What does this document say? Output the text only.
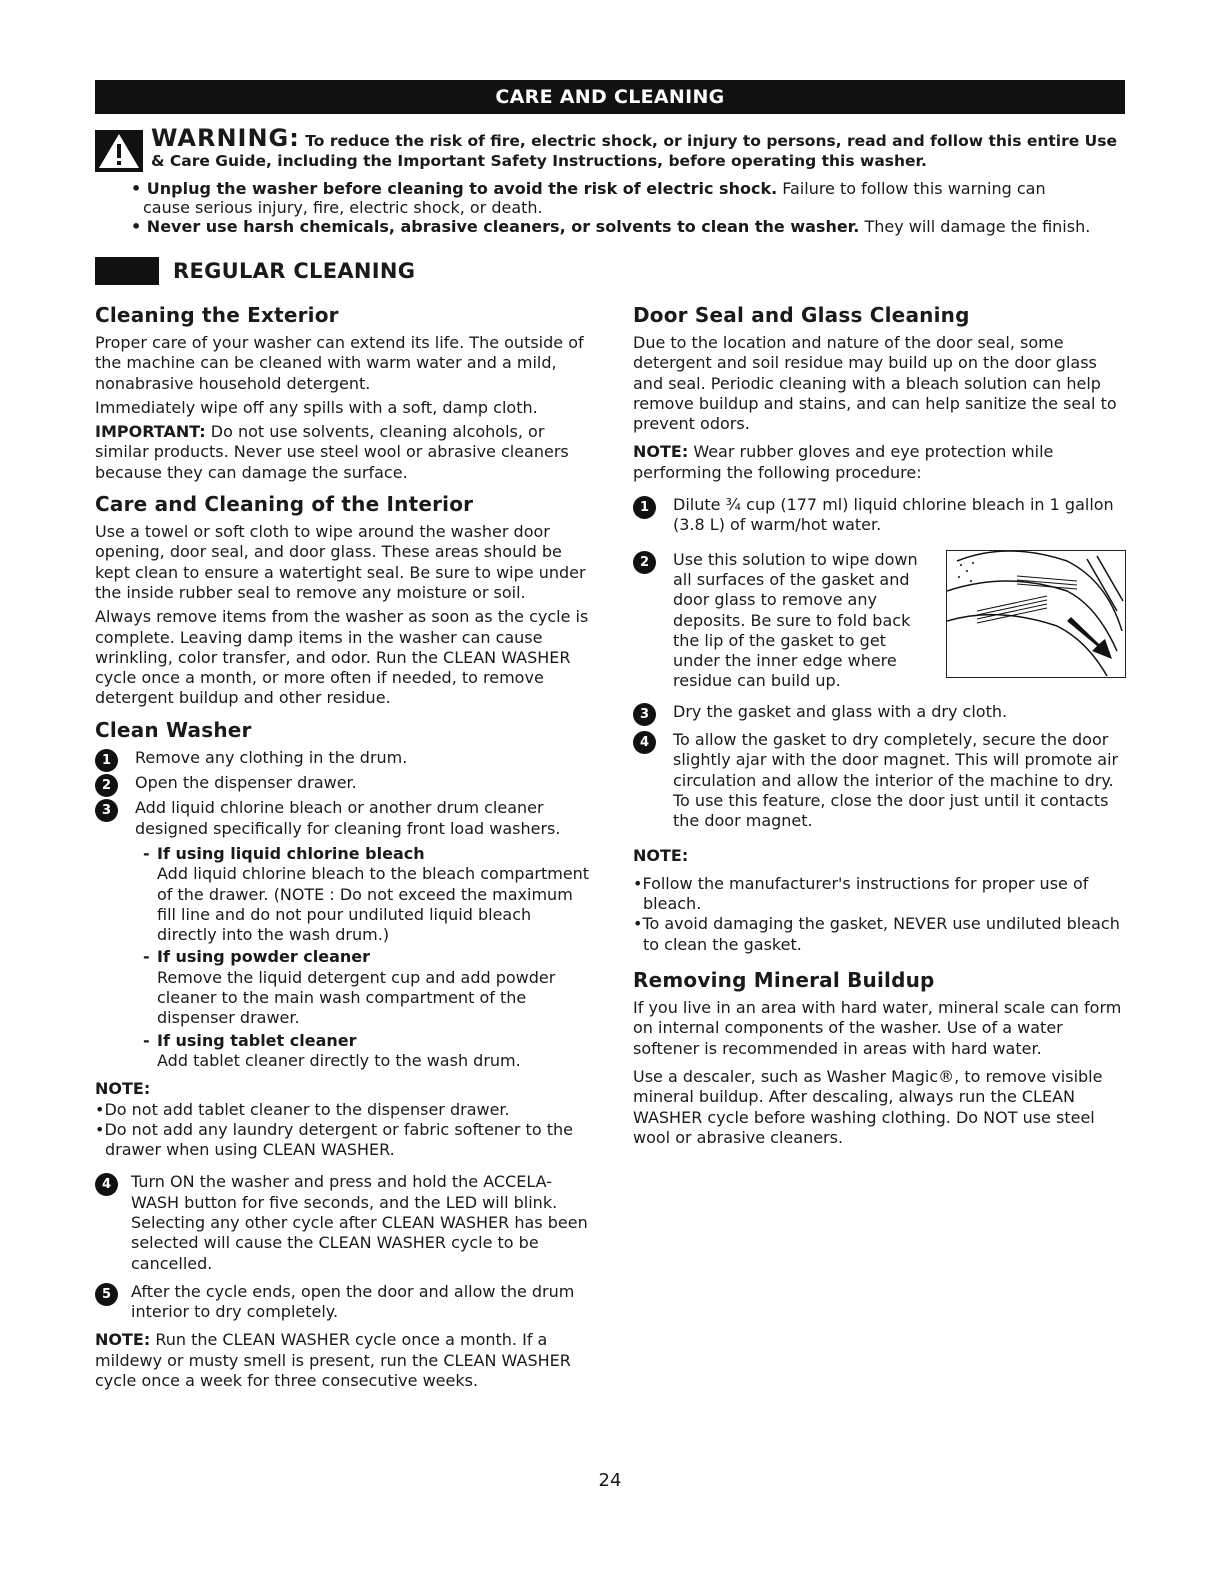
CARE AND CLEANING
WARNING: To reduce the risk of fire, electric shock, or injury to persons, read and follow this entire Use & Care Guide, including the Important Safety Instructions, before operating this washer.

• Unplug the washer before cleaning to avoid the risk of electric shock. Failure to follow this warning can

cause serious injury, fire, electric shock, or death.

• Never use harsh chemicals, abrasive cleaners, or solvents to clean the washer. They will damage the finish.

REGULAR CLEANING
Cleaning the Exterior

Proper care of your washer can extend its life. The outside of the machine can be cleaned with warm water and a mild, nonabrasive household detergent.

Immediately wipe off any spills with a soft, damp cloth.

IMPORTANT: Do not use solvents, cleaning alcohols, or similar products. Never use steel wool or abrasive cleaners because they can damage the surface.

Care and Cleaning of the Interior

Use a towel or soft cloth to wipe around the washer door opening, door seal, and door glass. These areas should be kept clean to ensure a watertight seal. Be sure to wipe under the inside rubber seal to remove any moisture or soil.

Always remove items from the washer as soon as the cycle is complete. Leaving damp items in the washer can cause wrinkling, color transfer, and odor. Run the CLEAN WASHER cycle once a month, or more often if needed, to remove detergent buildup and other residue.

Clean Washer
1	Remove any clothing in the drum.
2	Open the dispenser drawer.
3	Add liquid chlorine bleach or another drum cleaner designed specifically for cleaning front load washers.
- If using liquid chlorine bleach
Add liquid chlorine bleach to the bleach compartment of the drawer. (NOTE : Do not exceed the maximum fill line and do not pour undiluted liquid bleach directly into the wash drum.)
- If using powder cleaner
Remove the liquid detergent cup and add powder cleaner to the main wash compartment of the dispenser drawer.
- If using tablet cleaner
Add tablet cleaner directly to the wash drum.

NOTE:

•Do not add tablet cleaner to the dispenser drawer.

•Do not add any laundry detergent or fabric softener to the drawer when using CLEAN WASHER.

4	Turn ON the washer and press and hold the ACCELA-WASH button for five seconds, and the LED will blink. Selecting any other cycle after CLEAN WASHER has been selected will cause the CLEAN WASHER cycle to be cancelled.
5	After the cycle ends, open the door and allow the drum interior to dry completely.

NOTE: Run the CLEAN WASHER cycle once a month. If a mildewy or musty smell is present, run the CLEAN WASHER cycle once a week for three consecutive weeks.

Door Seal and Glass Cleaning

Due to the location and nature of the door seal, some detergent and soil residue may build up on the door glass and seal. Periodic cleaning with a bleach solution can help remove buildup and stains, and can help sanitize the seal to prevent odors.

NOTE: Wear rubber gloves and eye protection while performing the following procedure:

1	Dilute ¾ cup (177 ml) liquid chlorine bleach in 1 gallon (3.8 L) of warm/hot water.
2	Use this solution to wipe down all surfaces of the gasket and door glass to remove any deposits. Be sure to fold back the lip of the gasket to get under the inner edge where residue can build up.
3	Dry the gasket and glass with a dry cloth.
4	To allow the gasket to dry completely, secure the door slightly ajar with the door magnet. This will promote air circulation and allow the interior of the machine to dry. To use this feature, close the door just until it contacts the door magnet.

NOTE:

•Follow the manufacturer's instructions for proper use of bleach.

•To avoid damaging the gasket, NEVER use undiluted bleach to clean the gasket.

Removing Mineral Buildup

If you live in an area with hard water, mineral scale can form on internal components of the washer. Use of a water softener is recommended in areas with hard water.

Use a descaler, such as Washer Magic®, to remove visible mineral buildup. After descaling, always run the CLEAN WASHER cycle before washing clothing. Do NOT use steel wool or abrasive cleaners.

24
